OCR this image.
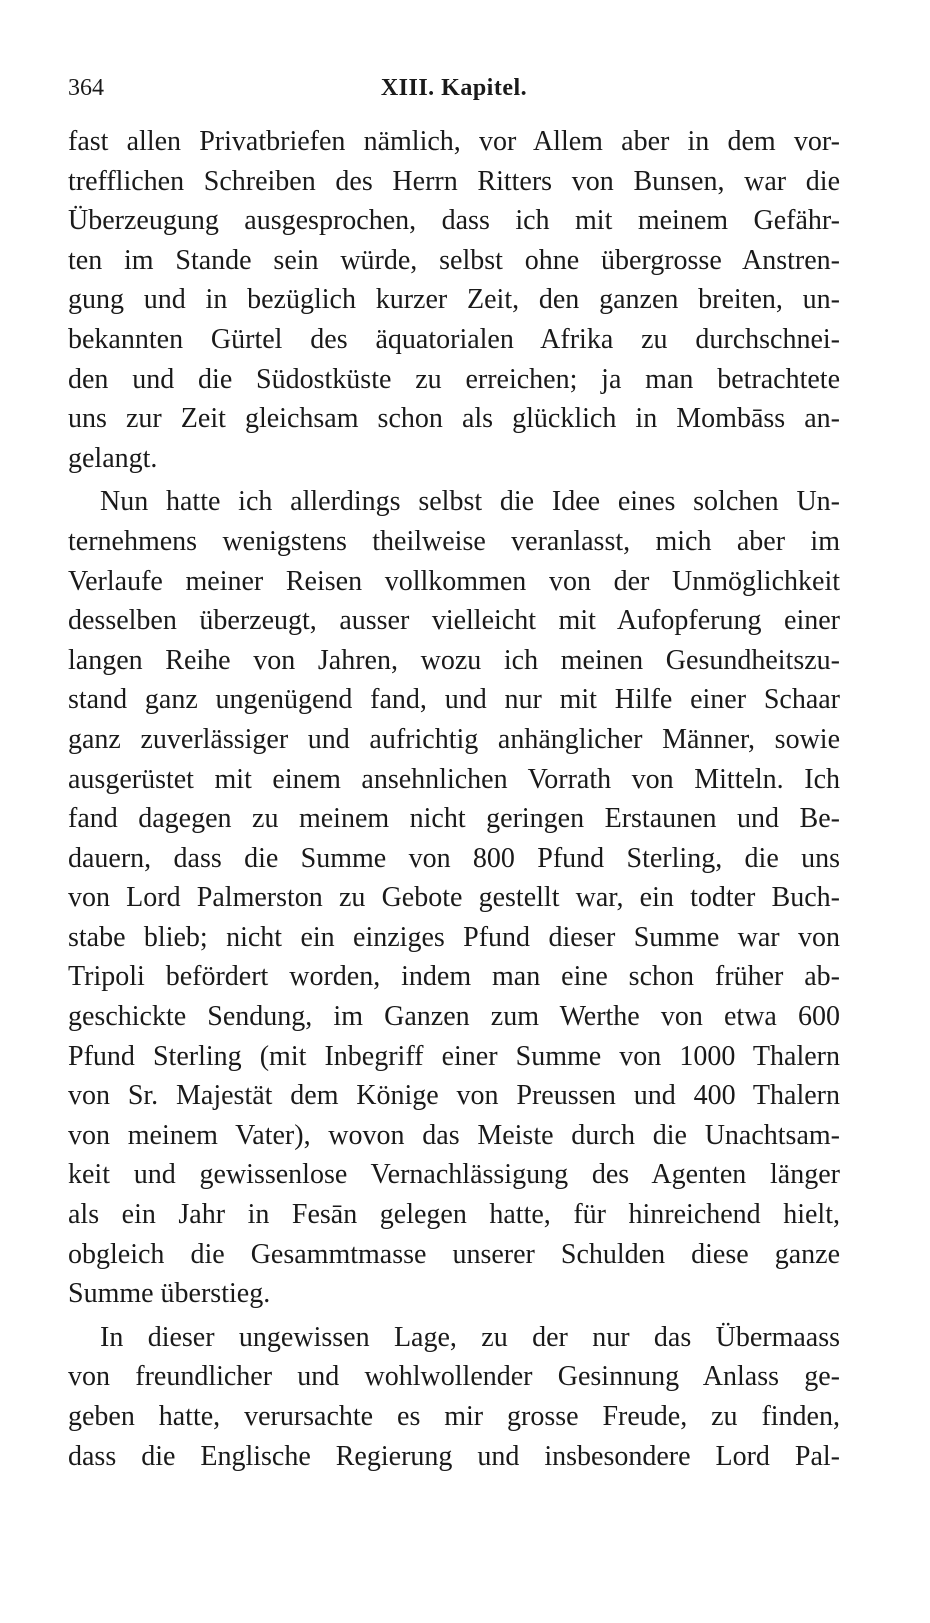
364	XIII. Kapitel.
fast allen Privatbriefen nämlich, vor Allem aber in dem vor-
trefflichen Schreiben des Herrn Ritters von Bunsen, war die
Überzeugung ausgesprochen, dass ich mit meinem Gefähr-
ten im Stande sein würde, selbst ohne übergrosse Anstren-
gung und in bezüglich kurzer Zeit, den ganzen breiten, un-
bekannten Gürtel des äquatorialen Afrika zu durchschnei-
den und die Südostküste zu erreichen; ja man betrachtete
uns zur Zeit gleichsam schon als glücklich in Mombāss an-
gelangt.
Nun hatte ich allerdings selbst die Idee eines solchen Un-
ternehmens wenigstens theilweise veranlasst, mich aber im
Verlaufe meiner Reisen vollkommen von der Unmöglichkeit
desselben überzeugt, ausser vielleicht mit Aufopferung einer
langen Reihe von Jahren, wozu ich meinen Gesundheitszu-
stand ganz ungenügend fand, und nur mit Hilfe einer Schaar
ganz zuverlässiger und aufrichtig anhänglicher Männer, sowie
ausgerüstet mit einem ansehnlichen Vorrath von Mitteln. Ich
fand dagegen zu meinem nicht geringen Erstaunen und Be-
dauern, dass die Summe von 800 Pfund Sterling, die uns
von Lord Palmerston zu Gebote gestellt war, ein todter Buch-
stabe blieb; nicht ein einziges Pfund dieser Summe war von
Tripoli befördert worden, indem man eine schon früher ab-
geschickte Sendung, im Ganzen zum Werthe von etwa 600
Pfund Sterling (mit Inbegriff einer Summe von 1000 Thalern
von Sr. Majestät dem Könige von Preussen und 400 Thalern
von meinem Vater), wovon das Meiste durch die Unachtsam-
keit und gewissenlose Vernachlässigung des Agenten länger
als ein Jahr in Fesān gelegen hatte, für hinreichend hielt,
obgleich die Gesammtmasse unserer Schulden diese ganze
Summe überstieg.
In dieser ungewissen Lage, zu der nur das Übermaass
von freundlicher und wohlwollender Gesinnung Anlass ge-
geben hatte, verursachte es mir grosse Freude, zu finden,
dass die Englische Regierung und insbesondere Lord Pal-
